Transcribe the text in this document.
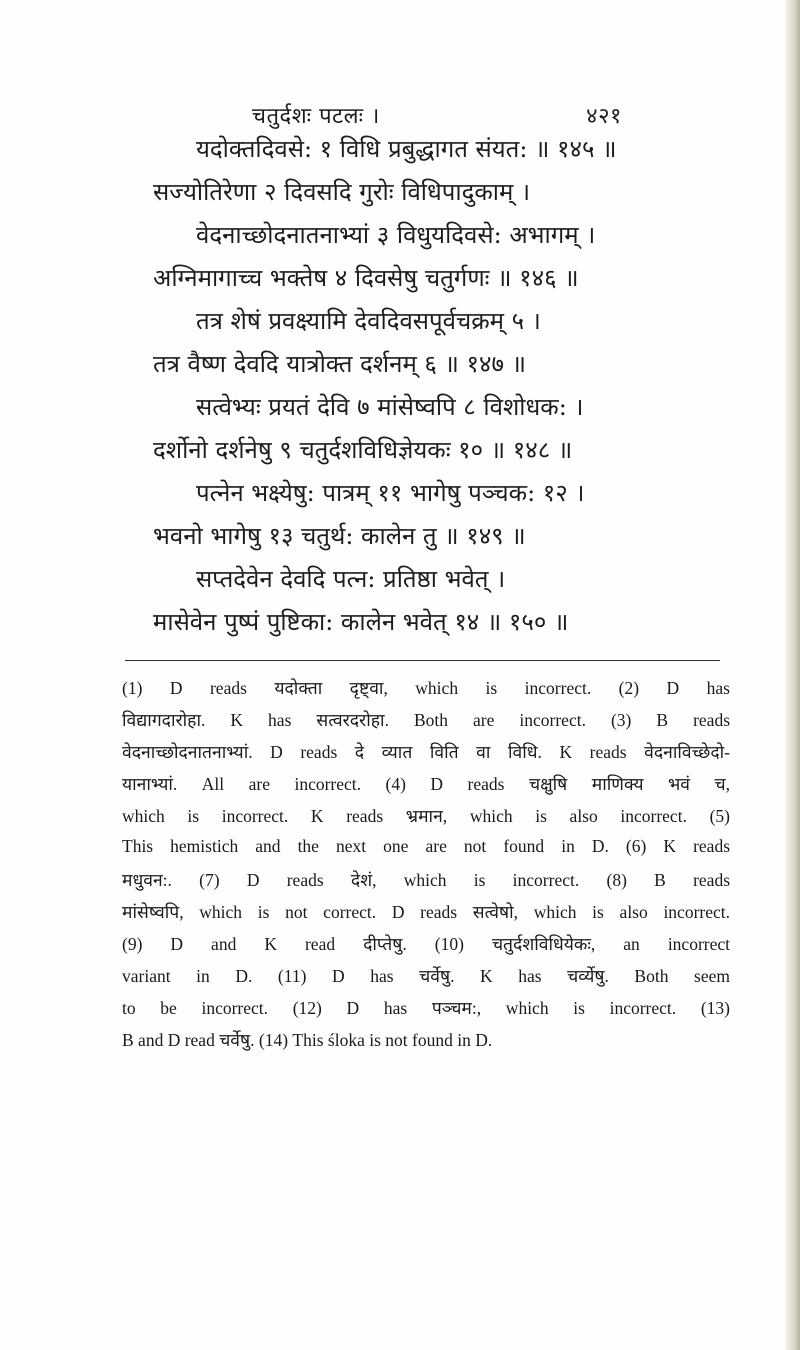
चतुर्दशः पटलः ।	४२१
यदोक्तदिवसे: १ विधि प्रबुद्धागत संयत: ॥ १४५ ॥
सज्योतिरेणा २ दिवसदि गुरोः विधिपादुकाम् ।
वेदनाच्छोदनातनाभ्यां ३ विधुयदिवसे: अभागम् ।
अग्निमागाच्च भक्तेष ४ दिवसेषु चतुर्गणः ॥ १४६ ॥
तत्र शेषं प्रवक्ष्यामि देवदिवसपूर्वचक्रम् ५ ।
तत्र वैष्ण देवदि यात्रोक्त दर्शनम् ६ ॥ १४७ ॥
सत्वेभ्यः प्रयतं देवि ७ मांसेष्वपि ८ विशोधक: ।
दर्शोनो दर्शनेषु ९ चतुर्दशविधिज्ञेयकः १० ॥ १४८ ॥
पत्नेन भक्ष्येषु: पात्रम् ११ भागेषु पञ्चक: १२ ।
भवनो भागेषु १३ चतुर्थ: कालेन तु ॥ १४९ ॥
सप्तदेवेन देवदि पत्न: प्रतिष्ठा भवेत् ।
मासेवेन पुष्पं पुष्टिका: कालेन भवेत् १४ ॥ १५० ॥
(1) D reads यदोक्ता दृष्ट्वा, which is incorrect. (2) D has
विद्यागदारोहा. K has सत्वरदरोहा. Both are incorrect. (3) B reads
वेदनाच्छोदनातनाभ्यां. D reads दे व्यात विति वा विधि. K reads वेदनाविच्छेदो-
यानाभ्यां. All are incorrect. (4) D reads चक्षुषि माणिक्य भवं च,
which is incorrect. K reads भ्रमान, which is also incorrect. (5)
This hemistich and the next one are not found in D. (6) K reads
मधुवन:. (7) D reads देशं, which is incorrect. (8) B reads
मांसेष्वपि, which is not correct. D reads सत्वेषो, which is also incorrect.
(9) D and K read दीप्तेषु. (10) चतुर्दशविधियेकः, an incorrect
variant in D. (11) D has चर्वेषु. K has चर्व्येषु. Both seem
to be incorrect. (12) D has पञ्चम:, which is incorrect. (13)
B and D read चर्वेषु. (14) This śloka is not found in D.
